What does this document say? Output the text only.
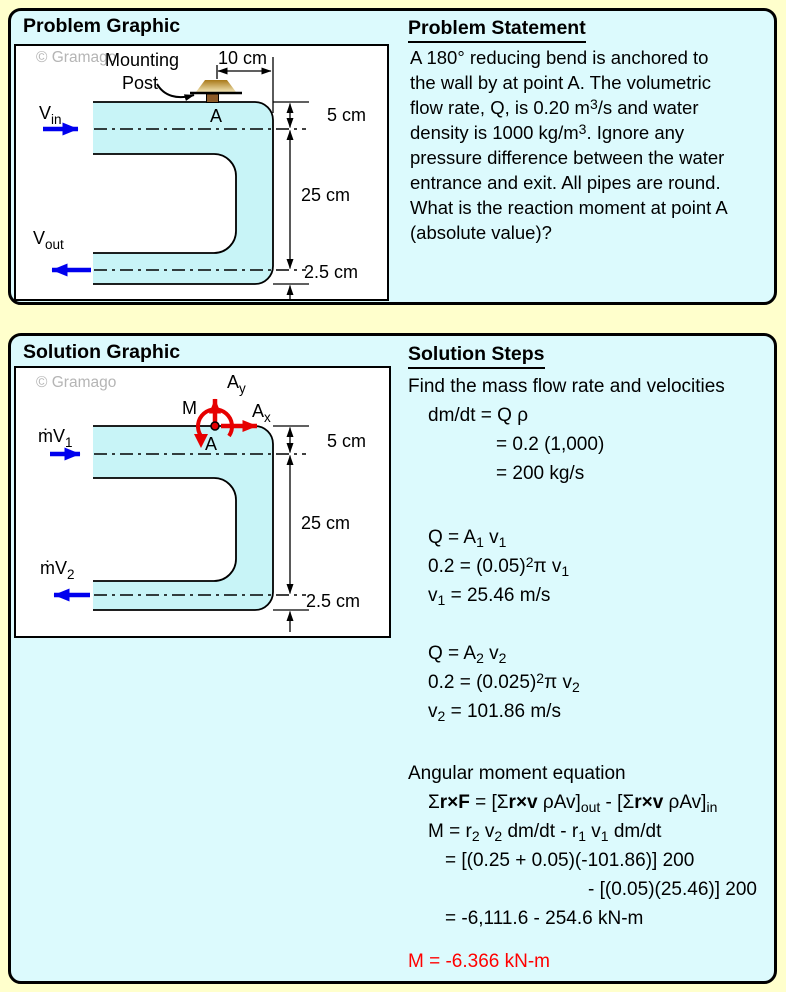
Problem Graphic
© Gramago	10 cm
A
Mounting
Post
5 cm
25 cm
2.5 cm
$V_{in}$
$V_{out}$
Problem Statement
A 180° reducing bend is anchored to
the wall by at point A. The volumetric
flow rate, Q, is 0.20 $m^3/s$ and water
density is 1000 $kg/m^3$. Ignore any
pressure difference between the water
entrance and exit. All pipes are round.
What is the reaction moment at point A
(absolute value)?
Solution Graphic
© Gramago
5 cm
25 cm
2.5 cm
M
$A_y$
$A_x$
A
ṁV$_1$
ṁV$_2$
Solution Steps
Find the mass flow rate and velocities
dm/dt = Q ρ
= 0.2 (1,000)
= 200 kg/s
$Q = A_1$ $v_1$
$0.2 = (0.05)^2\pi$ $v_1$
$v_1 = 25.46$ m/s
$Q = A_2$ $v_2$
$0.2 = (0.025)^2\pi$ $v_2$
$v_2 = 101.86$ m/s
Angular moment equation
Σr×F = [Σr×v $\rho Av]_{out} - [\Sigma r\times v$ $\rho Av]_{in}$
$M = r_2$ $v_2$ $dm/dt - r_1$ $v_1$ dm/dt
= [(0.25 + 0.05)(-101.86)] 200
- [(0.05)(25.46)] 200
= -6,111.6 - 254.6 kN-m
M = -6.366 kN-m
